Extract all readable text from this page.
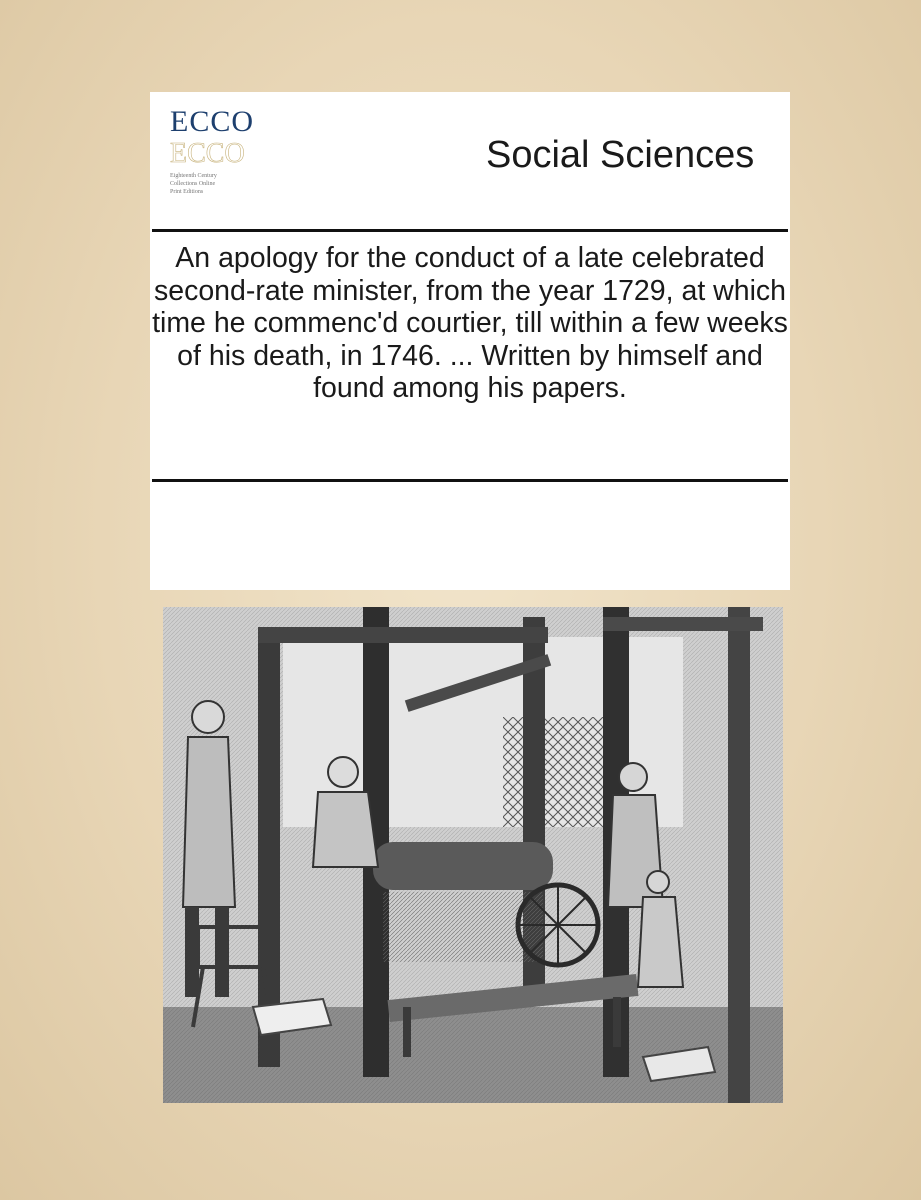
ECCO
ECCO
Eighteenth Century
Collections Online
Print Editions
Social Sciences
An apology for the conduct of a late celebrated second-rate minister, from the year 1729, at which time he commenc'd courtier, till within a few weeks of his death, in 1746. ... Written by himself and found among his papers.
